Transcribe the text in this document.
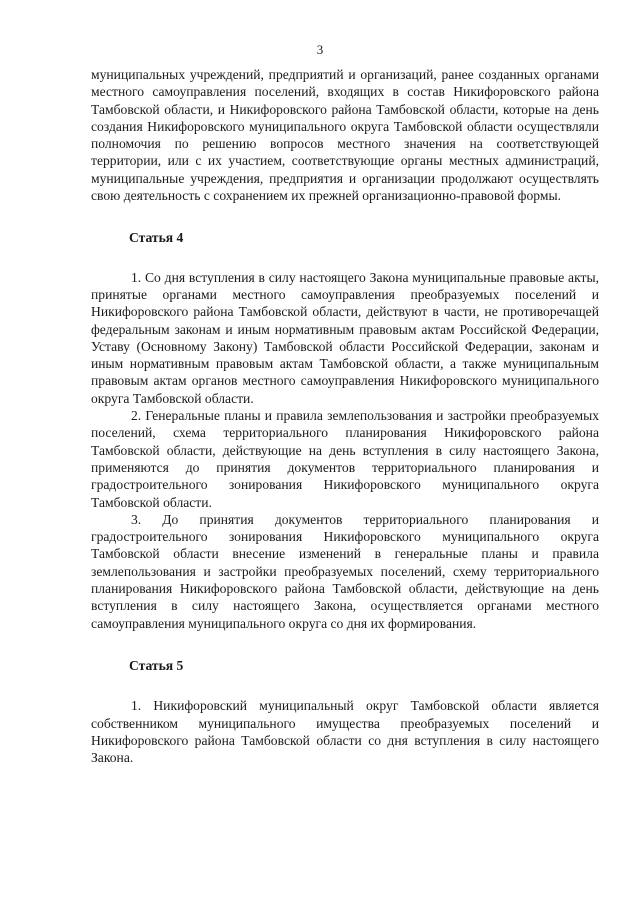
3

муниципальных учреждений, предприятий и организаций, ранее созданных органами местного самоуправления поселений, входящих в состав Никифоровского района Тамбовской области, и Никифоровского района Тамбовской области, которые на день создания Никифоровского муниципального округа Тамбовской области осуществляли полномочия по решению вопросов местного значения на соответствующей территории, или с их участием, соответствующие органы местных администраций, муниципальные учреждения, предприятия и организации продолжают осуществлять свою деятельность с сохранением их прежней организационно-правовой формы.

Статья 4

1. Со дня вступления в силу настоящего Закона муниципальные правовые акты, принятые органами местного самоуправления преобразуемых поселений и Никифоровского района Тамбовской области, действуют в части, не противоречащей федеральным законам и иным нормативным правовым актам Российской Федерации, Уставу (Основному Закону) Тамбовской области Российской Федерации, законам и иным нормативным правовым актам Тамбовской области, а также муниципальным правовым актам органов местного самоуправления Никифоровского муниципального округа Тамбовской области.

2. Генеральные планы и правила землепользования и застройки преобразуемых поселений, схема территориального планирования Никифоровского района Тамбовской области, действующие на день вступления в силу настоящего Закона, применяются до принятия документов территориального планирования и градостроительного зонирования Никифоровского муниципального округа Тамбовской области.

3. До принятия документов территориального планирования и градостроительного зонирования Никифоровского муниципального округа Тамбовской области внесение изменений в генеральные планы и правила землепользования и застройки преобразуемых поселений, схему территориального планирования Никифоровского района Тамбовской области, действующие на день вступления в силу настоящего Закона, осуществляется органами местного самоуправления муниципального округа со дня их формирования.

Статья 5

1. Никифоровский муниципальный округ Тамбовской области является собственником муниципального имущества преобразуемых поселений и Никифоровского района Тамбовской области со дня вступления в силу настоящего Закона.
